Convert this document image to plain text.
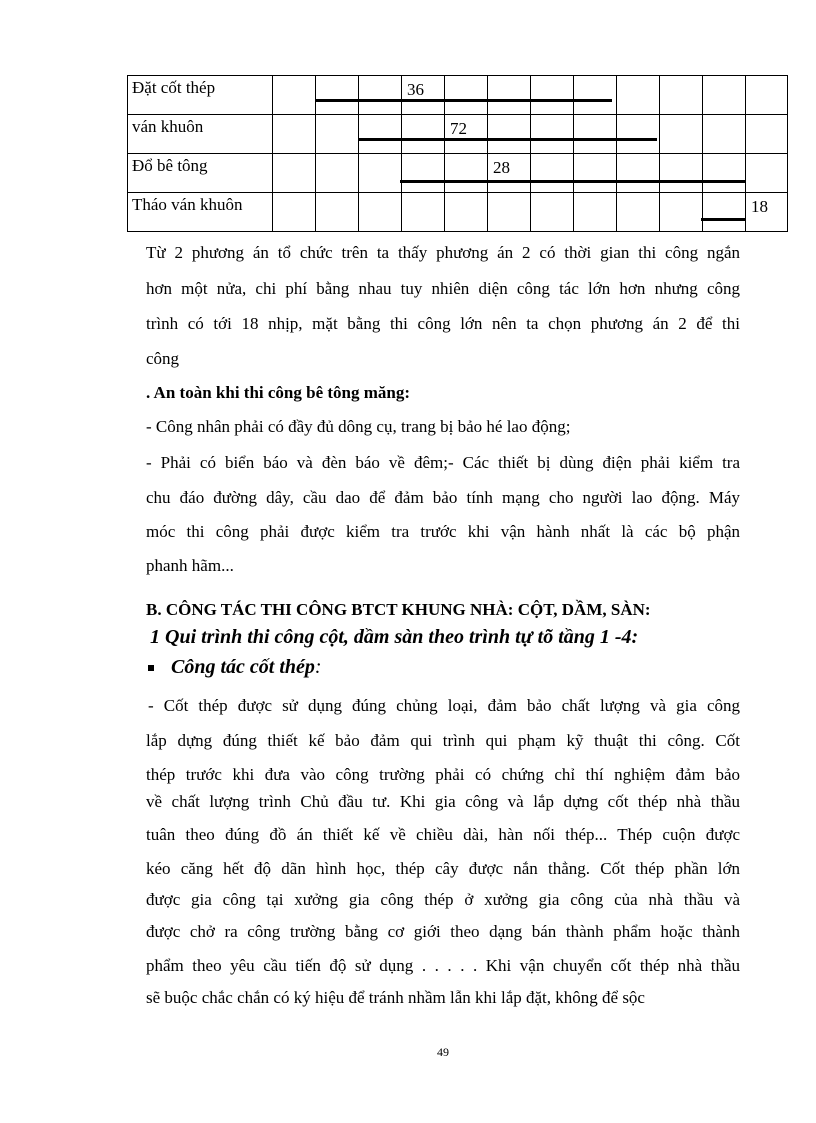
Đặt cốt thép				36								
ván khuôn					72							
Đổ bê tông						28						
Tháo ván khuôn												18

Từ 2 phương án tổ chức trên ta thấy phương án 2 có thời gian thi công ngắn

hơn một nửa, chi phí bằng nhau tuy nhiên diện công tác lớn hơn nhưng công

trình có tới 18 nhịp, mặt bằng thi công lớn nên ta chọn phương án 2 để thi

công

. An toàn khi thi công bê tông măng:

- Công nhân phải có đầy đủ dông cụ, trang bị bảo hé lao động;

- Phải có biển báo và đèn báo về đêm;- Các thiết bị dùng điện phải kiểm tra

chu đáo đường dây, cầu dao để đảm bảo tính mạng cho người lao động. Máy

móc thi công phải được kiểm tra trước khi vận hành nhất là các bộ phận

phanh hãm...

B. CÔNG TÁC THI CÔNG BTCT KHUNG NHÀ: CỘT, DẦM, SÀN:

1 Qui trình thi công cột, dầm sàn theo trình tự tõ tầng 1 -4:

Công tác cốt thép:

- Cốt thép được sử dụng đúng chủng loại, đảm bảo chất lượng và gia công

lắp dựng đúng thiết kế bảo đảm qui trình qui phạm kỹ thuật thi công. Cốt

thép trước khi đưa vào công trường phải có chứng chỉ thí nghiệm đảm bảo

về chất lượng trình Chủ đầu tư. Khi gia công và lắp dựng cốt thép nhà thầu

tuân theo đúng đồ án thiết kế về chiều dài, hàn nối thép... Thép cuộn được

kéo căng hết độ dãn hình học, thép cây được nắn thẳng. Cốt thép phần lớn

được gia công tại xưởng gia công thép ở xưởng gia công của nhà thầu và

được chở ra công trường bằng cơ giới theo dạng bán thành phẩm hoặc thành

phẩm theo yêu cầu tiến độ sử dụng . . . . . Khi vận chuyển cốt thép nhà thầu

sẽ buộc chắc chắn có ký hiệu để tránh nhầm lẫn khi lắp đặt, không để sộc

49
